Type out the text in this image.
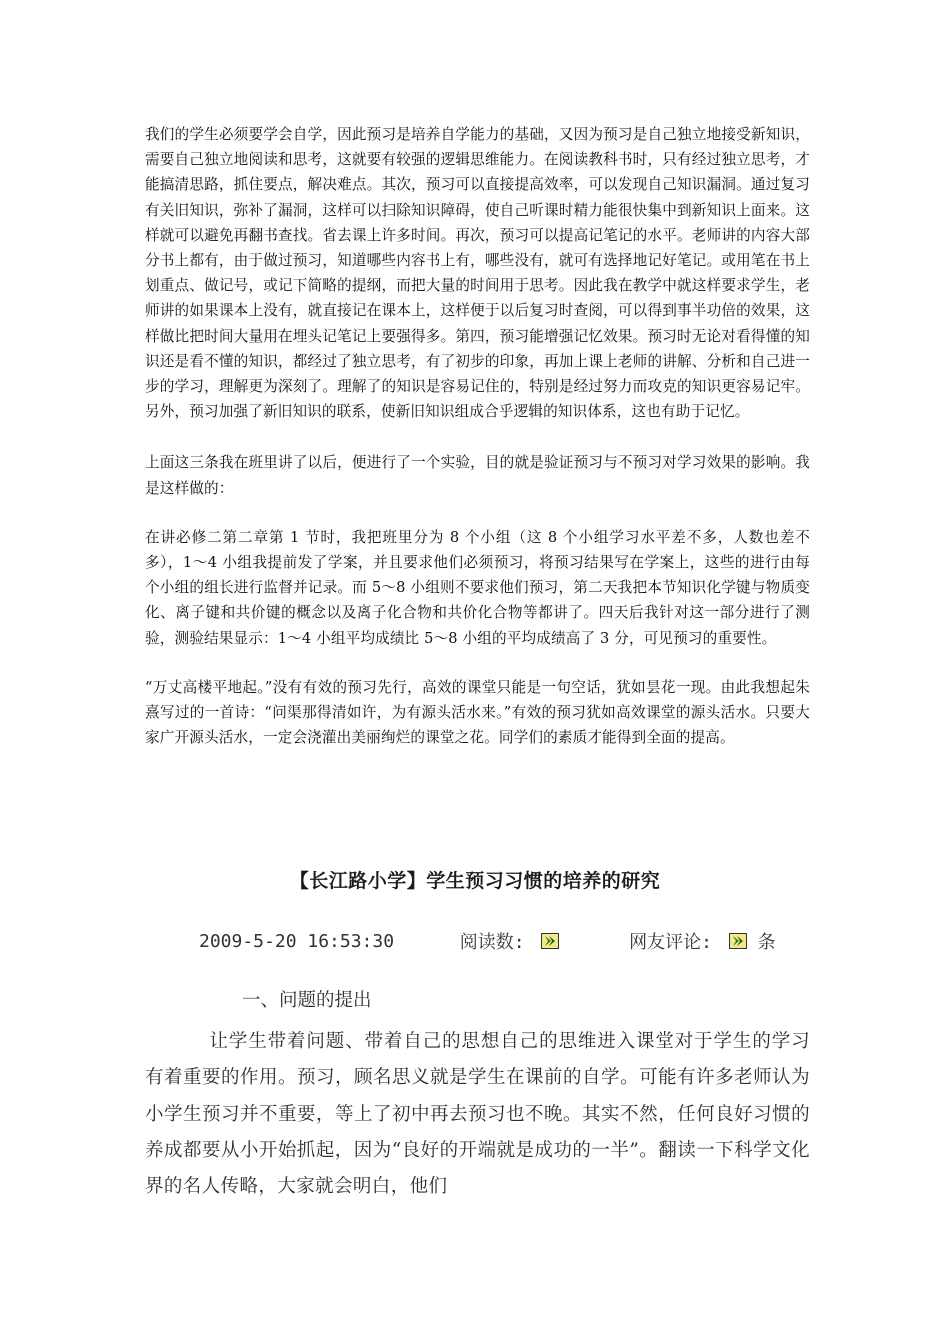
我们的学生必须要学会自学，因此预习是培养自学能力的基础，又因为预习是自己独立地接受新知识，需要自己独立地阅读和思考，这就要有较强的逻辑思维能力。在阅读教科书时，只有经过独立思考，才能搞清思路，抓住要点，解决难点。其次，预习可以直接提高效率，可以发现自己知识漏洞。通过复习有关旧知识，弥补了漏洞，这样可以扫除知识障碍，使自己听课时精力能很快集中到新知识上面来。这样就可以避免再翻书查找。省去课上许多时间。再次，预习可以提高记笔记的水平。老师讲的内容大部分书上都有，由于做过预习，知道哪些内容书上有，哪些没有，就可有选择地记好笔记。或用笔在书上划重点、做记号，或记下简略的提纲，而把大量的时间用于思考。因此我在教学中就这样要求学生，老师讲的如果课本上没有，就直接记在课本上，这样便于以后复习时查阅，可以得到事半功倍的效果，这样做比把时间大量用在埋头记笔记上要强得多。第四，预习能增强记忆效果。预习时无论对看得懂的知识还是看不懂的知识，都经过了独立思考，有了初步的印象，再加上课上老师的讲解、分析和自己进一步的学习，理解更为深刻了。理解了的知识是容易记住的，特别是经过努力而攻克的知识更容易记牢。另外，预习加强了新旧知识的联系，使新旧知识组成合乎逻辑的知识体系，这也有助于记忆。

上面这三条我在班里讲了以后，便进行了一个实验，目的就是验证预习与不预习对学习效果的影响。我是这样做的：

在讲必修二第二章第 1 节时，我把班里分为 8 个小组（这 8 个小组学习水平差不多，人数也差不多），1～4 小组我提前发了学案，并且要求他们必须预习，将预习结果写在学案上，这些的进行由每个小组的组长进行监督并记录。而 5～8 小组则不要求他们预习，第二天我把本节知识化学键与物质变化、离子键和共价键的概念以及离子化合物和共价化合物等都讲了。四天后我针对这一部分进行了测验，测验结果显示：1～4 小组平均成绩比 5～8 小组的平均成绩高了 3 分，可见预习的重要性。

“万丈高楼平地起。”没有有效的预习先行，高效的课堂只能是一句空话，犹如昙花一现。由此我想起朱熹写过的一首诗：“问渠那得清如许，为有源头活水来。”有效的预习犹如高效课堂的源头活水。只要大家广开源头活水，一定会浇灌出美丽绚烂的课堂之花。同学们的素质才能得到全面的提高。

【长江路小学】学生预习习惯的培养的研究
2009-5-20 16:53:30	阅读数:	网友评论:	条
一、问题的提出
让学生带着问题、带着自己的思想自己的思维进入课堂对于学生的学习有着重要的作用。预习，顾名思义就是学生在课前的自学。可能有许多老师认为小学生预习并不重要，等上了初中再去预习也不晚。其实不然，任何良好习惯的养成都要从小开始抓起，因为“良好的开端就是成功的一半”。翻读一下科学文化界的名人传略，大家就会明白，他们
